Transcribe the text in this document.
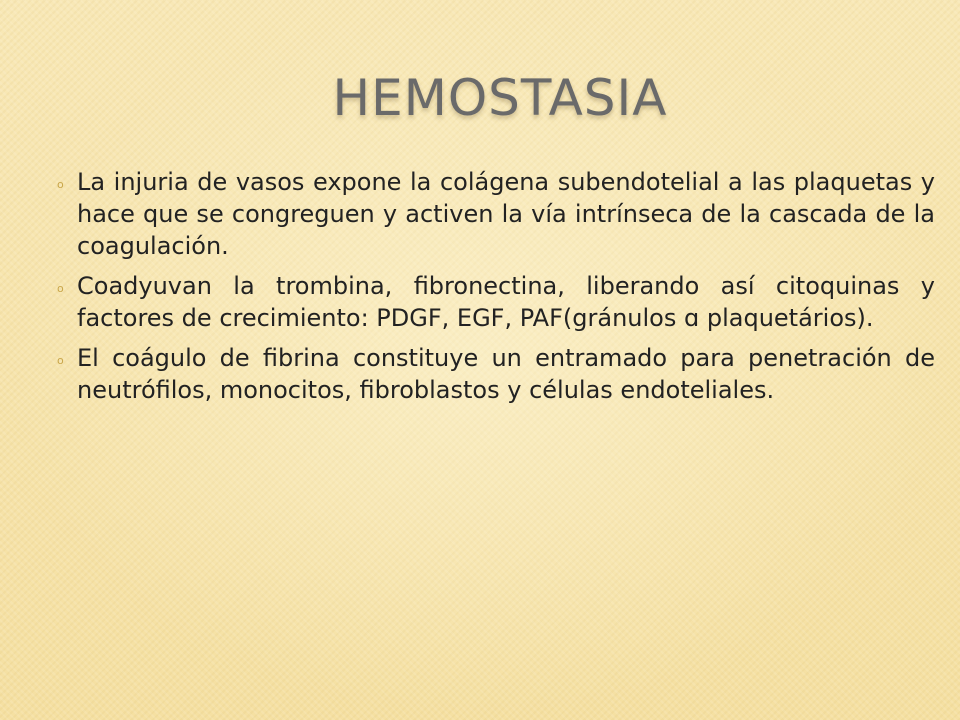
HEMOSTASIA
o La injuria de vasos expone la colágena subendotelial a las plaquetas y hace que se congreguen y activen la vía intrínseca de la cascada de la coagulación.
o Coadyuvan la trombina, fibronectina, liberando así citoquinas y factores de crecimiento: PDGF, EGF, PAF(gránulos ɑ plaquetários).
o El coágulo de fibrina constituye un entramado para penetración de neutrófilos, monocitos, fibroblastos y células endoteliales.
